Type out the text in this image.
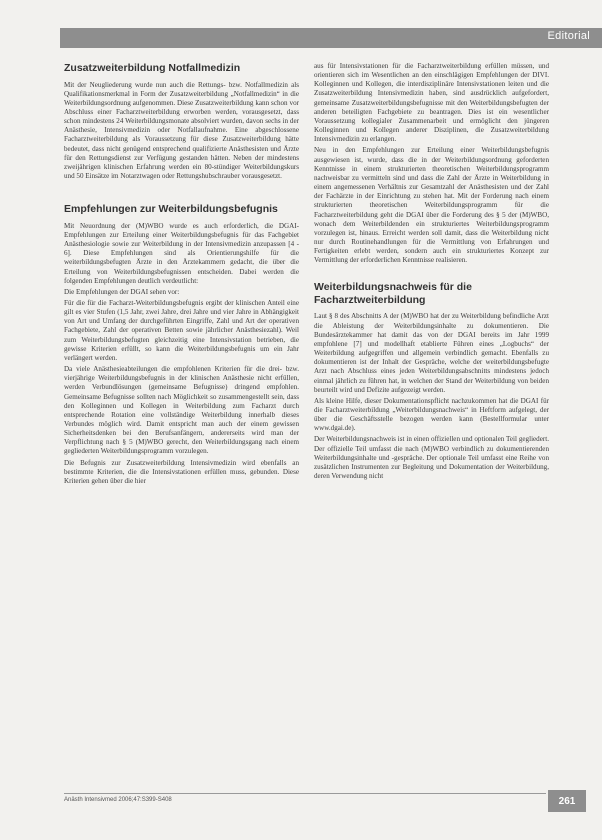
Editorial
Zusatzweiterbildung Notfallmedizin

Mit der Neugliederung wurde nun auch die Rettungs- bzw. Notfallmedizin als Qualifikationsmerkmal in Form der Zusatzweiterbildung „Notfallmedizin“ in die Weiterbildungsordnung aufgenommen. Diese Zusatzweiterbildung kann schon vor Abschluss einer Facharztweiterbildung erworben werden, vorausgesetzt, dass schon mindestens 24 Weiterbildungsmonate absolviert wurden, davon sechs in der Anästhesie, Intensivmedizin oder Notfallaufnahme. Eine abgeschlossene Facharztweiterbildung als Voraussetzung für diese Zusatzweiterbildung hätte bedeutet, dass nicht genügend entsprechend qualifizierte Anästhesisten und Ärzte für den Rettungsdienst zur Verfügung gestanden hätten. Neben der mindestens zweijährigen klinischen Erfahrung werden ein 80-stündiger Weiterbildungskurs und 50 Einsätze im Notarztwagen oder Rettungshubschrauber vorausgesetzt.

Empfehlungen zur Weiterbildungsbefugnis

Mit Neuordnung der (M)WBO wurde es auch erforderlich, die DGAI-Empfehlungen zur Erteilung einer Weiterbildungsbefugnis für das Fachgebiet Anästhesiologie sowie zur Weiterbildung in der Intensivmedizin anzupassen [4 - 6]. Diese Empfehlungen sind als Orientierungshilfe für die weiterbildungsbefugten Ärzte in den Ärztekammern gedacht, die über die Erteilung von Weiterbildungsbefugnissen entscheiden. Dabei werden die folgenden Empfehlungen deutlich verdeutlicht:

Die Empfehlungen der DGAI sehen vor:

Für die für die Facharzt-Weiterbildungsbefugnis ergibt der klinischen Anteil eine gilt es vier Stufen (1,5 Jahr, zwei Jahre, drei Jahre und vier Jahre in Abhängigkeit von Art und Umfang der durchgeführten Eingriffe, Zahl und Art der operativen Fachgebiete, Zahl der operativen Betten sowie jährlicher Anästhesiezahl). Weil zum Weiterbildungsbefugten gleichzeitig eine Intensivstation betrieben, die gewisse Kriterien erfüllt, so kann die Weiterbildungsbefugnis um ein Jahr verlängert werden.

Da viele Anästhesieabteilungen die empfohlenen Kriterien für die drei- bzw. vierjährige Weiterbildungsbefugnis in der klinischen Anästhesie nicht erfüllen, werden Verbundlösungen (gemeinsame Befugnisse) dringend empfohlen. Gemeinsame Befugnisse sollten nach Möglichkeit so zusammengestellt sein, dass den Kolleginnen und Kollegen in Weiterbildung zum Facharzt durch entsprechende Rotation eine vollständige Weiterbildung innerhalb dieses Verbundes möglich wird. Damit entspricht man auch der einem gewissen Sicherheitsdenken bei den Berufsanfängern, andererseits wird man der Verpflichtung nach § 5 (M)WBO gerecht, den Weiterbildungsgang nach einem gegliederten Weiterbildungsprogramm vorzulegen.

Die Befugnis zur Zusatzweiterbildung Intensivmedizin wird ebenfalls an bestimmte Kriterien, die die Intensivstationen erfüllen muss, gebunden. Diese Kriterien gehen über die hier

aus für Intensivstationen für die Facharztweiterbildung erfüllen müssen, und orientieren sich im Wesentlichen an den einschlägigen Empfehlungen der DIVI. Kolleginnen und Kollegen, die interdisziplinäre Intensivstationen leiten und die Zusatzweiterbildung Intensivmedizin haben, sind ausdrücklich aufgefordert, gemeinsame Zusatzweiterbildungsbefugnisse mit den Weiterbildungsbefugten der anderen beteiligten Fachgebiete zu beantragen. Dies ist ein wesentlicher Voraussetzung kollegialer Zusammenarbeit und ermöglicht den jüngeren Kolleginnen und Kollegen anderer Disziplinen, die Zusatzweiterbildung Intensivmedizin zu erlangen.

Neu in den Empfehlungen zur Erteilung einer Weiterbildungsbefugnis ausgewiesen ist, wurde, dass die in der Weiterbildungsordnung geforderten Kenntnisse in einem strukturierten theoretischen Weiterbildungsprogramm nachweisbar zu vermitteln sind und dass die Zahl der Ärzte in Weiterbildung in einem angemessenen Verhältnis zur Gesamtzahl der Anästhesisten und der Zahl der Fachärzte in der Einrichtung zu stehen hat. Mit der Forderung nach einem strukturierten theoretischen Weiterbildungsprogramm für die Facharztweiterbildung geht die DGAI über die Forderung des § 5 der (M)WBO, wonach dem Weiterbildenden ein strukturiertes Weiterbildungsprogramm vorzulegen ist, hinaus. Erreicht werden soll damit, dass die Weiterbildung nicht nur durch Routinehandlungen für die Vermittlung von Erfahrungen und Fertigkeiten erlebt werden, sondern auch ein strukturiertes Konzept zur Vermittlung der erforderlichen Kenntnisse realisieren.

Weiterbildungsnachweis für die Facharztweiterbildung

Laut § 8 des Abschnitts A der (M)WBO hat der zu Weiterbildung befindliche Arzt die Ableistung der Weiterbildungsinhalte zu dokumentieren. Die Bundesärztekammer hat damit das von der DGAI bereits im Jahr 1999 empfohlene [7] und modellhaft etablierte Führen eines „Logbuchs“ der Weiterbildung aufgegriffen und allgemein verbindlich gemacht. Ebenfalls zu dokumentieren ist der Inhalt der Gespräche, welche der weiterbildungsbefugte Arzt nach Abschluss eines jeden Weiterbildungsabschnitts mindestens jedoch einmal jährlich zu führen hat, in welchen der Stand der Weiterbildung von beiden beurteilt wird und Defizite aufgezeigt werden.

Als kleine Hilfe, dieser Dokumentationspflicht nachzukommen hat die DGAI für die Facharztweiterbildung „Weiterbildungsnachweis“ in Heftform aufgelegt, der über die Geschäftsstelle bezogen werden kann (Bestellformular unter www.dgai.de).

Der Weiterbildungsnachweis ist in einen offiziellen und optionalen Teil gegliedert. Der offizielle Teil umfasst die nach (M)WBO verbindlich zu dokumentierenden Weiterbildungsinhalte und -gespräche. Der optionale Teil umfasst eine Reihe von zusätzlichen Instrumenten zur Begleitung und Dokumentation der Weiterbildung, deren Verwendung nicht

Anästh Intensivmed 2006;47:S399-S408	261
